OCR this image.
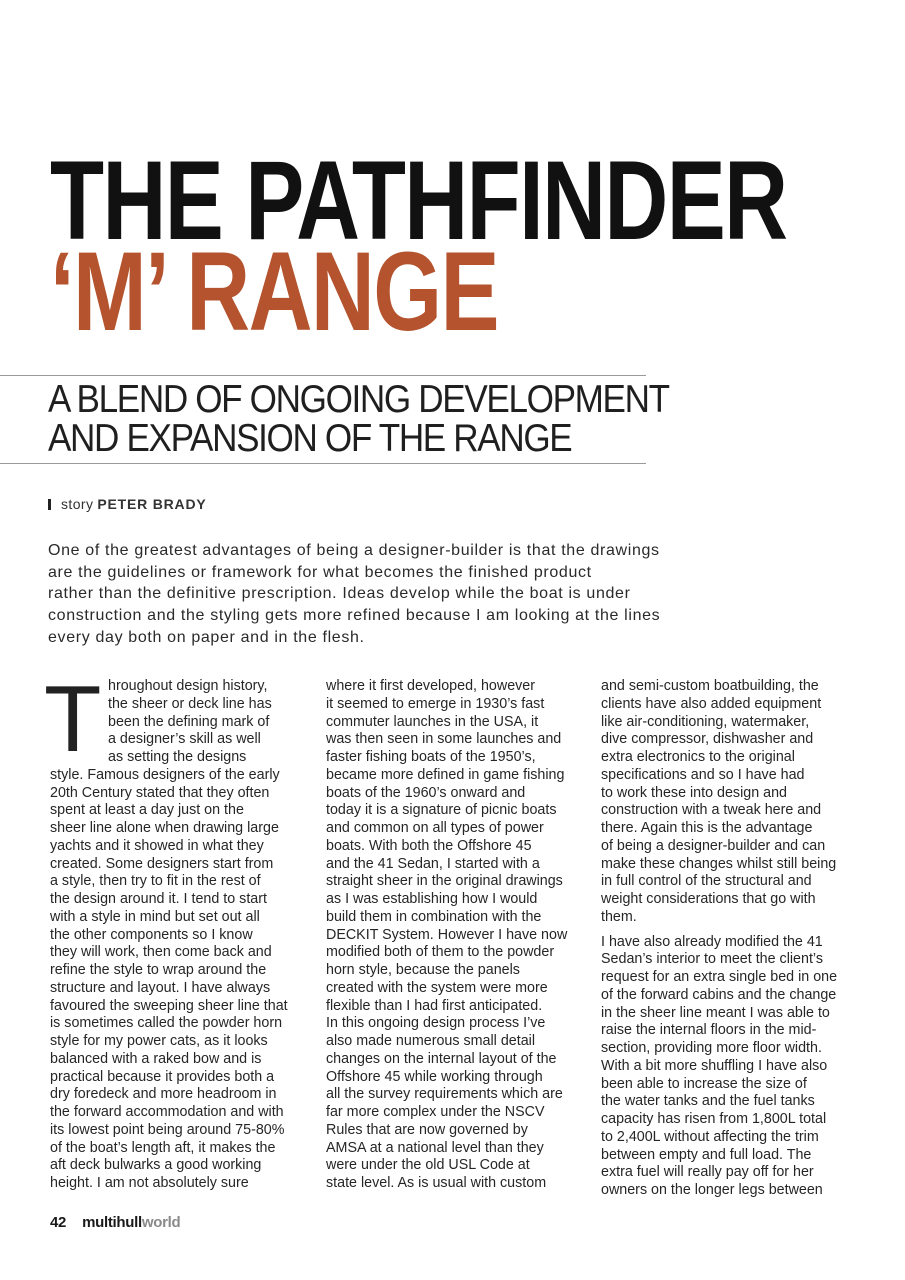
THE PATHFINDER
‘M’ RANGE
A BLEND OF ONGOING DEVELOPMENT
AND EXPANSION OF THE RANGE
story PETER BRADY
One of the greatest advantages of being a designer-builder is that the drawings
are the guidelines or framework for what becomes the finished product
rather than the definitive prescription. Ideas develop while the boat is under
construction and the styling gets more refined because I am looking at the lines
every day both on paper and in the flesh.
T hroughout design history,
the sheer or deck line has
been the defining mark of
a designer’s skill as well
as setting the designs
style. Famous designers of the early
20th Century stated that they often
spent at least a day just on the
sheer line alone when drawing large
yachts and it showed in what they
created. Some designers start from
a style, then try to fit in the rest of
the design around it. I tend to start
with a style in mind but set out all
the other components so I know
they will work, then come back and
refine the style to wrap around the
structure and layout. I have always
favoured the sweeping sheer line that
is sometimes called the powder horn
style for my power cats, as it looks
balanced with a raked bow and is
practical because it provides both a
dry foredeck and more headroom in
the forward accommodation and with
its lowest point being around 75-80%
of the boat’s length aft, it makes the
aft deck bulwarks a good working
height. I am not absolutely sure
where it first developed, however
it seemed to emerge in 1930’s fast
commuter launches in the USA, it
was then seen in some launches and
faster fishing boats of the 1950’s,
became more defined in game fishing
boats of the 1960’s onward and
today it is a signature of picnic boats
and common on all types of power
boats. With both the Offshore 45
and the 41 Sedan, I started with a
straight sheer in the original drawings
as I was establishing how I would
build them in combination with the
DECKIT System. However I have now
modified both of them to the powder
horn style, because the panels
created with the system were more
flexible than I had first anticipated.
In this ongoing design process I’ve
also made numerous small detail
changes on the internal layout of the
Offshore 45 while working through
all the survey requirements which are
far more complex under the NSCV
Rules that are now governed by
AMSA at a national level than they
were under the old USL Code at
state level. As is usual with custom
and semi-custom boatbuilding, the
clients have also added equipment
like air-conditioning, watermaker,
dive compressor, dishwasher and
extra electronics to the original
specifications and so I have had
to work these into design and
construction with a tweak here and
there. Again this is the advantage
of being a designer-builder and can
make these changes whilst still being
in full control of the structural and
weight considerations that go with
them.
I have also already modified the 41
Sedan’s interior to meet the client’s
request for an extra single bed in one
of the forward cabins and the change
in the sheer line meant I was able to
raise the internal floors in the mid-
section, providing more floor width.
With a bit more shuffling I have also
been able to increase the size of
the water tanks and the fuel tanks
capacity has risen from 1,800L total
to 2,400L without affecting the trim
between empty and full load. The
extra fuel will really pay off for her
owners on the longer legs between
42 multihullworld
